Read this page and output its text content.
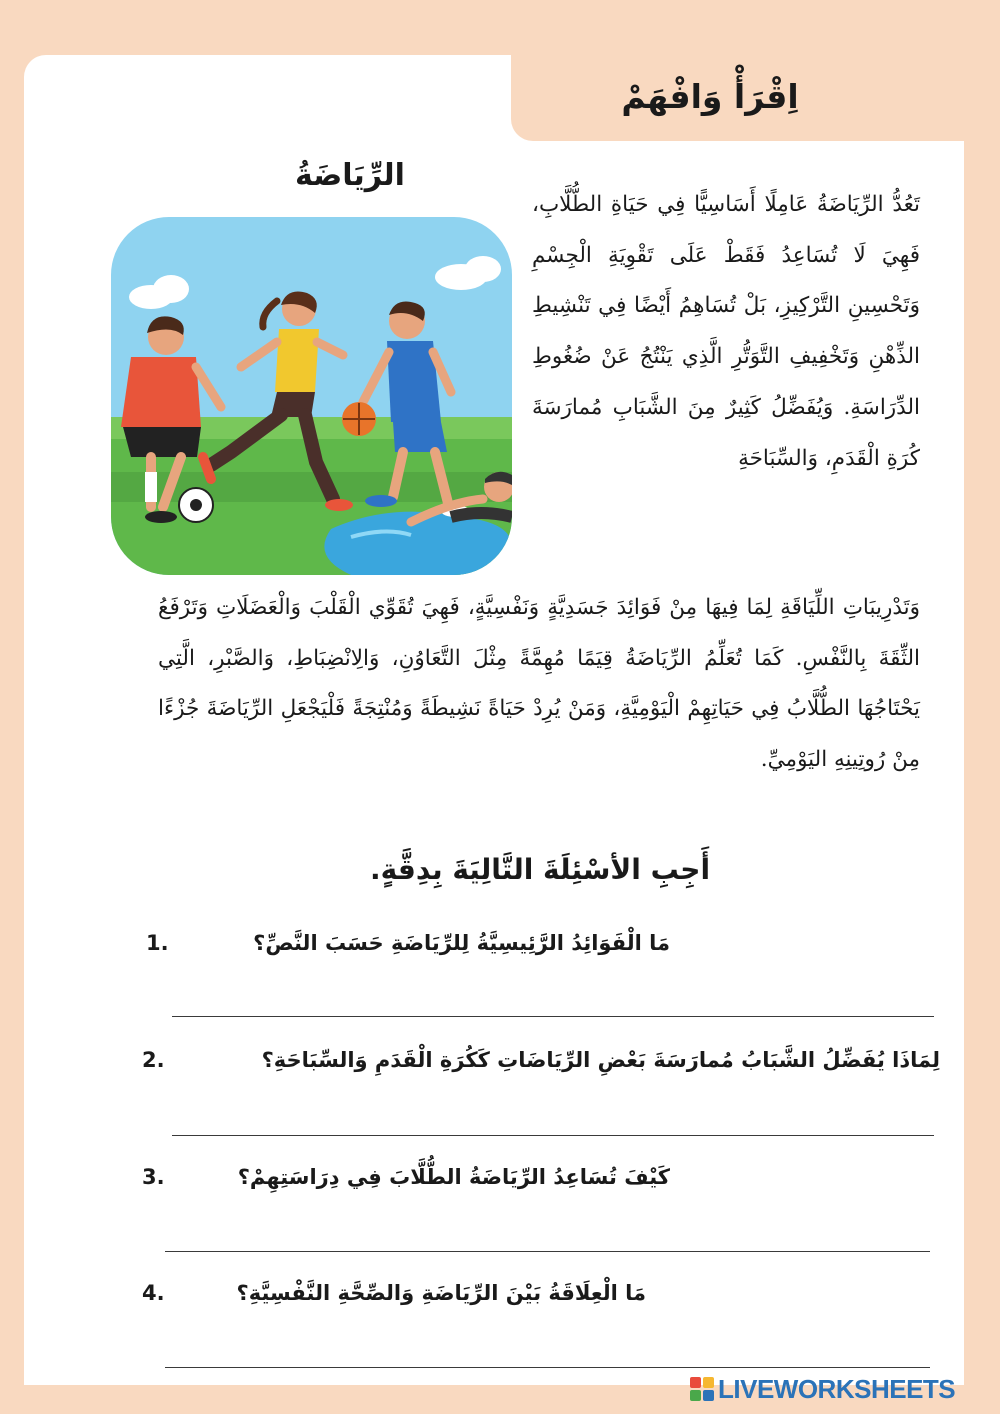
اِقْرَأْ وَافْهَمْ
الرِّيَاضَةُ
تَعُدُّ الرِّيَاضَةُ عَامِلًا أَسَاسِيًّا فِي حَيَاةِ الطُّلَّابِ، فَهِيَ لَا تُسَاعِدُ فَقَطْ عَلَى تَقْوِيَةِ الْجِسْمِ وَتَحْسِينِ التَّرْكِيزِ، بَلْ تُسَاهِمُ أَيْضًا فِي تَنْشِيطِ الذِّهْنِ وَتَخْفِيفِ التَّوَتُّرِ الَّذِي يَنْتُجُ عَنْ ضُغُوطِ الدِّرَاسَةِ. وَيُفَضِّلُ كَثِيرٌ مِنَ الشَّبَابِ مُمارَسَةَ كُرَةِ الْقَدَمِ، وَالسِّبَاحَةِ
وَتَدْرِيبَاتِ اللِّيَاقَةِ لِمَا فِيهَا مِنْ فَوَائِدَ جَسَدِيَّةٍ وَنَفْسِيَّةٍ، فَهِيَ تُقَوِّي الْقَلْبَ وَالْعَضَلَاتِ وَتَرْفَعُ الثِّقَةَ بِالنَّفْسِ. كَمَا تُعَلِّمُ الرِّيَاضَةُ قِيَمًا مُهِمَّةً مِثْلَ التَّعَاوُنِ، وَالِانْضِبَاطِ، وَالصَّبْرِ، الَّتِي يَحْتَاجُهَا الطُّلَّابُ فِي حَيَاتِهِمْ الْيَوْمِيَّةِ، وَمَنْ يُرِدْ حَيَاةً نَشِيطَةً وَمُنْتِجَةً فَلْيَجْعَلِ الرِّيَاضَةَ جُزْءًا مِنْ رُوتِينِهِ اليَوْمِيِّ.
أَجِبِ الأسْئِلَةَ التَّالِيَةَ بِدِقَّةٍ.
1.	مَا الْفَوَائِدُ الرَّئِيسِيَّةُ لِلرِّيَاضَةِ حَسَبَ النَّصِّ؟
2.	لِمَاذَا يُفَضِّلُ الشَّبَابُ مُمارَسَةَ بَعْضِ الرِّيَاضَاتِ كَكُرَةِ الْقَدَمِ وَالسِّبَاحَةِ؟
3.	كَيْفَ تُسَاعِدُ الرِّيَاضَةُ الطُّلَّابَ فِي دِرَاسَتِهِمْ؟
4.	مَا الْعِلَاقَةُ بَيْنَ الرِّيَاضَةِ وَالصِّحَّةِ النَّفْسِيَّةِ؟
LIVEWORKSHEETS
